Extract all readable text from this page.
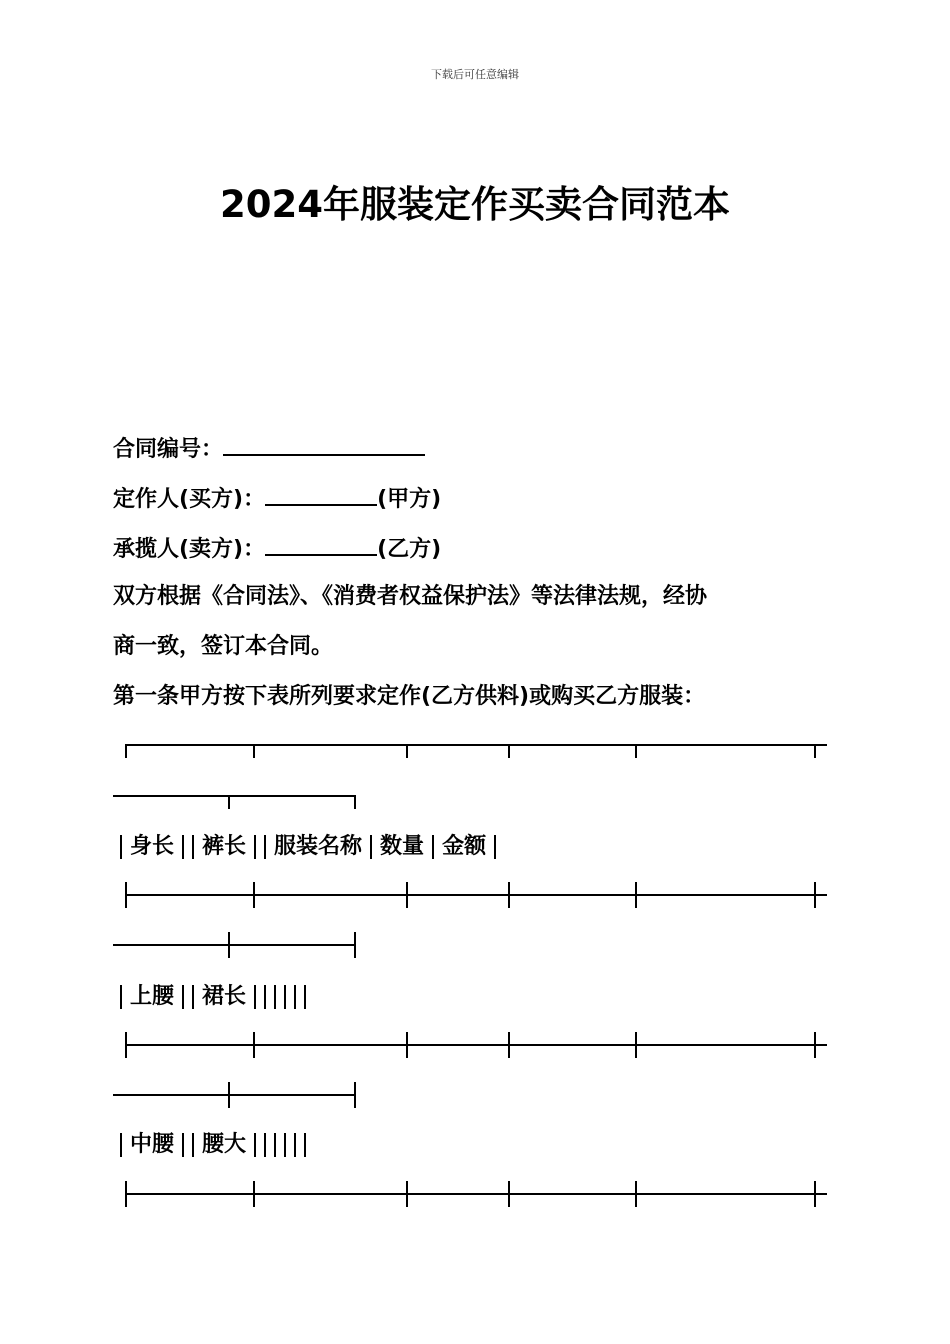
下载后可任意编辑
2024年服装定作买卖合同范本
合同编号：
定作人(买方)：	(甲方)
承揽人(卖方)：	(乙方)
双方根据《合同法》、《消费者权益保护法》等法律法规，经协
商一致，签订本合同。
第一条甲方按下表所列要求定作(乙方供料)或购买乙方服装：
身长 裤长 服装名称 数量 金额
上腰 裙长
中腰 腰大
